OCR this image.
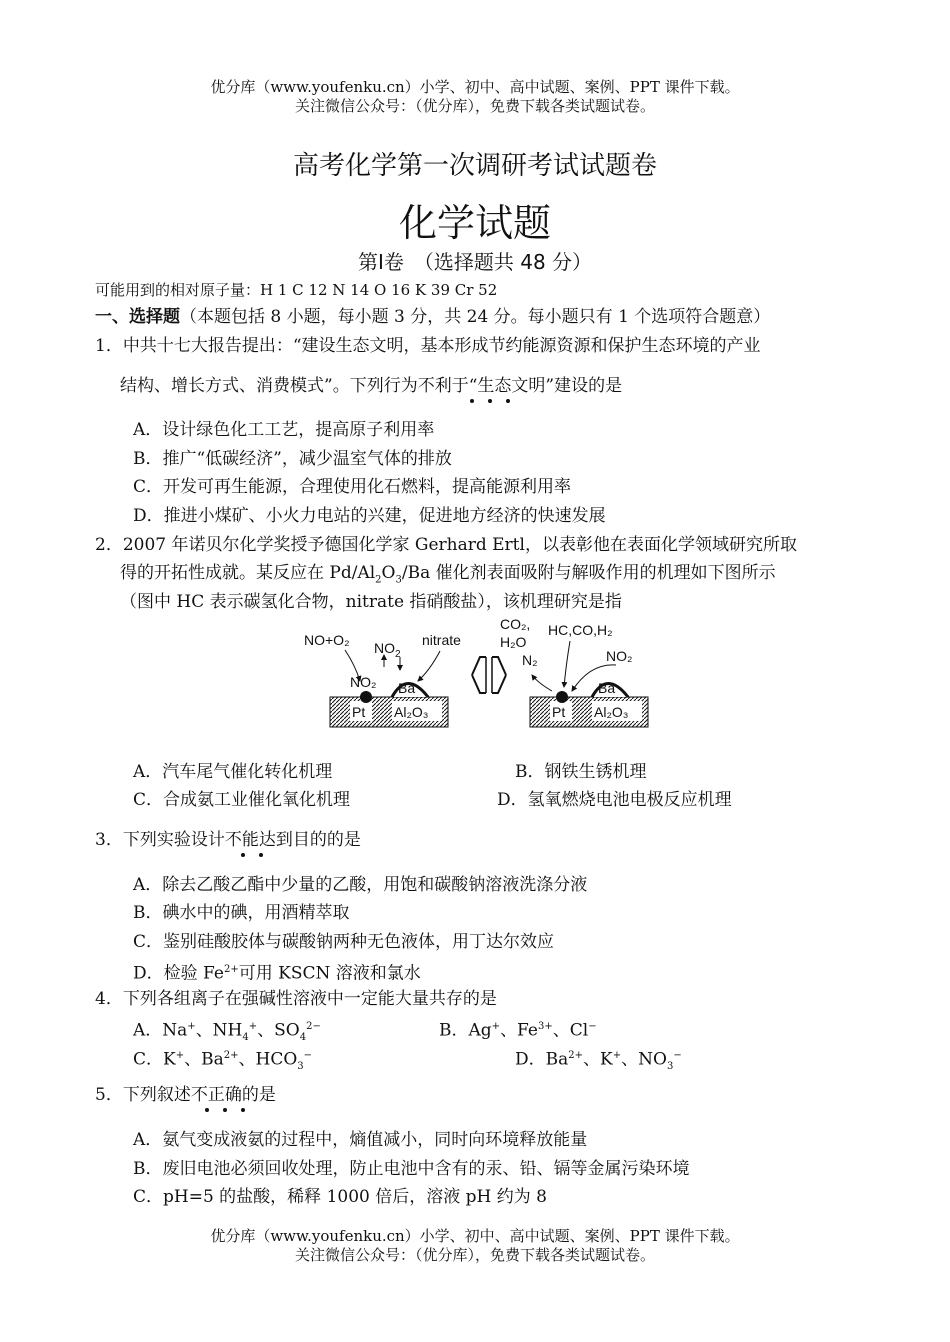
优分库（www.youfenku.cn）小学、初中、高中试题、案例、PPT 课件下载。
关注微信公众号：（优分库），免费下载各类试题试卷。
高考化学第一次调研考试试题卷
化学试题
第Ⅰ卷　（选择题共 48 分）
可能用到的相对原子量：H 1 C 12 N 14 O 16 K 39 Cr 52
一、选择题（本题包括 8 小题，每小题 3 分，共 24 分。每小题只有 1 个选项符合题意）
1．中共十七大报告提出：“建设生态文明，基本形成节约能源资源和保护生态环境的产业
结构、增长方式、消费模式”。下列行为不利于“生态文明”建设的是
A．设计绿色化工工艺，提高原子利用率
B．推广“低碳经济”，减少温室气体的排放
C．开发可再生能源，合理使用化石燃料，提高能源利用率
D．推进小煤矿、小火力电站的兴建，促进地方经济的快速发展
2．2007 年诺贝尔化学奖授予德国化学家 Gerhard Ertl，以表彰他在表面化学领域研究所取
得的开拓性成就。某反应在 $Pd/Al_2O_3/Ba$ 催化剂表面吸附与解吸作用的机理如下图所示
（图中 HC 表示碳氢化合物，nitrate 指硝酸盐），该机理研究是指
Pt Al₂O₃
Ba
NO+O₂ $NO_2$
nitrate
NO₂
Pt Al₂O₃
Ba
CO₂,
H₂O
N₂
HC,CO,H₂
NO₂
A．汽车尾气催化转化机理	B．钢铁生锈机理
C．合成氨工业催化氧化机理	D．氢氧燃烧电池电极反应机理
3．下列实验设计不能达到目的的是
A．除去乙酸乙酯中少量的乙酸，用饱和碳酸钠溶液洗涤分液
B．碘水中的碘，用酒精萃取
C．鉴别硅酸胶体与碳酸钠两种无色液体，用丁达尔效应
D．检验 $Fe^{2+}$可用 KSCN 溶液和氯水
4．下列各组离子在强碱性溶液中一定能大量共存的是
A．Na+、$NH_4^+$、$SO_4^{2-}$	B．Ag+、$Fe^{3+}$、Cl−
C．K+、$Ba^{2+}$、$HCO_3^-$	D．$Ba^{2+}$、K+、$NO_3^-$
5．下列叙述不正确的是
A．氨气变成液氨的过程中，熵值减小，同时向环境释放能量
B．废旧电池必须回收处理，防止电池中含有的汞、铅、镉等金属污染环境
C．pH=5 的盐酸，稀释 1000 倍后，溶液 pH 约为 8
优分库（www.youfenku.cn）小学、初中、高中试题、案例、PPT 课件下载。
关注微信公众号：（优分库），免费下载各类试题试卷。
